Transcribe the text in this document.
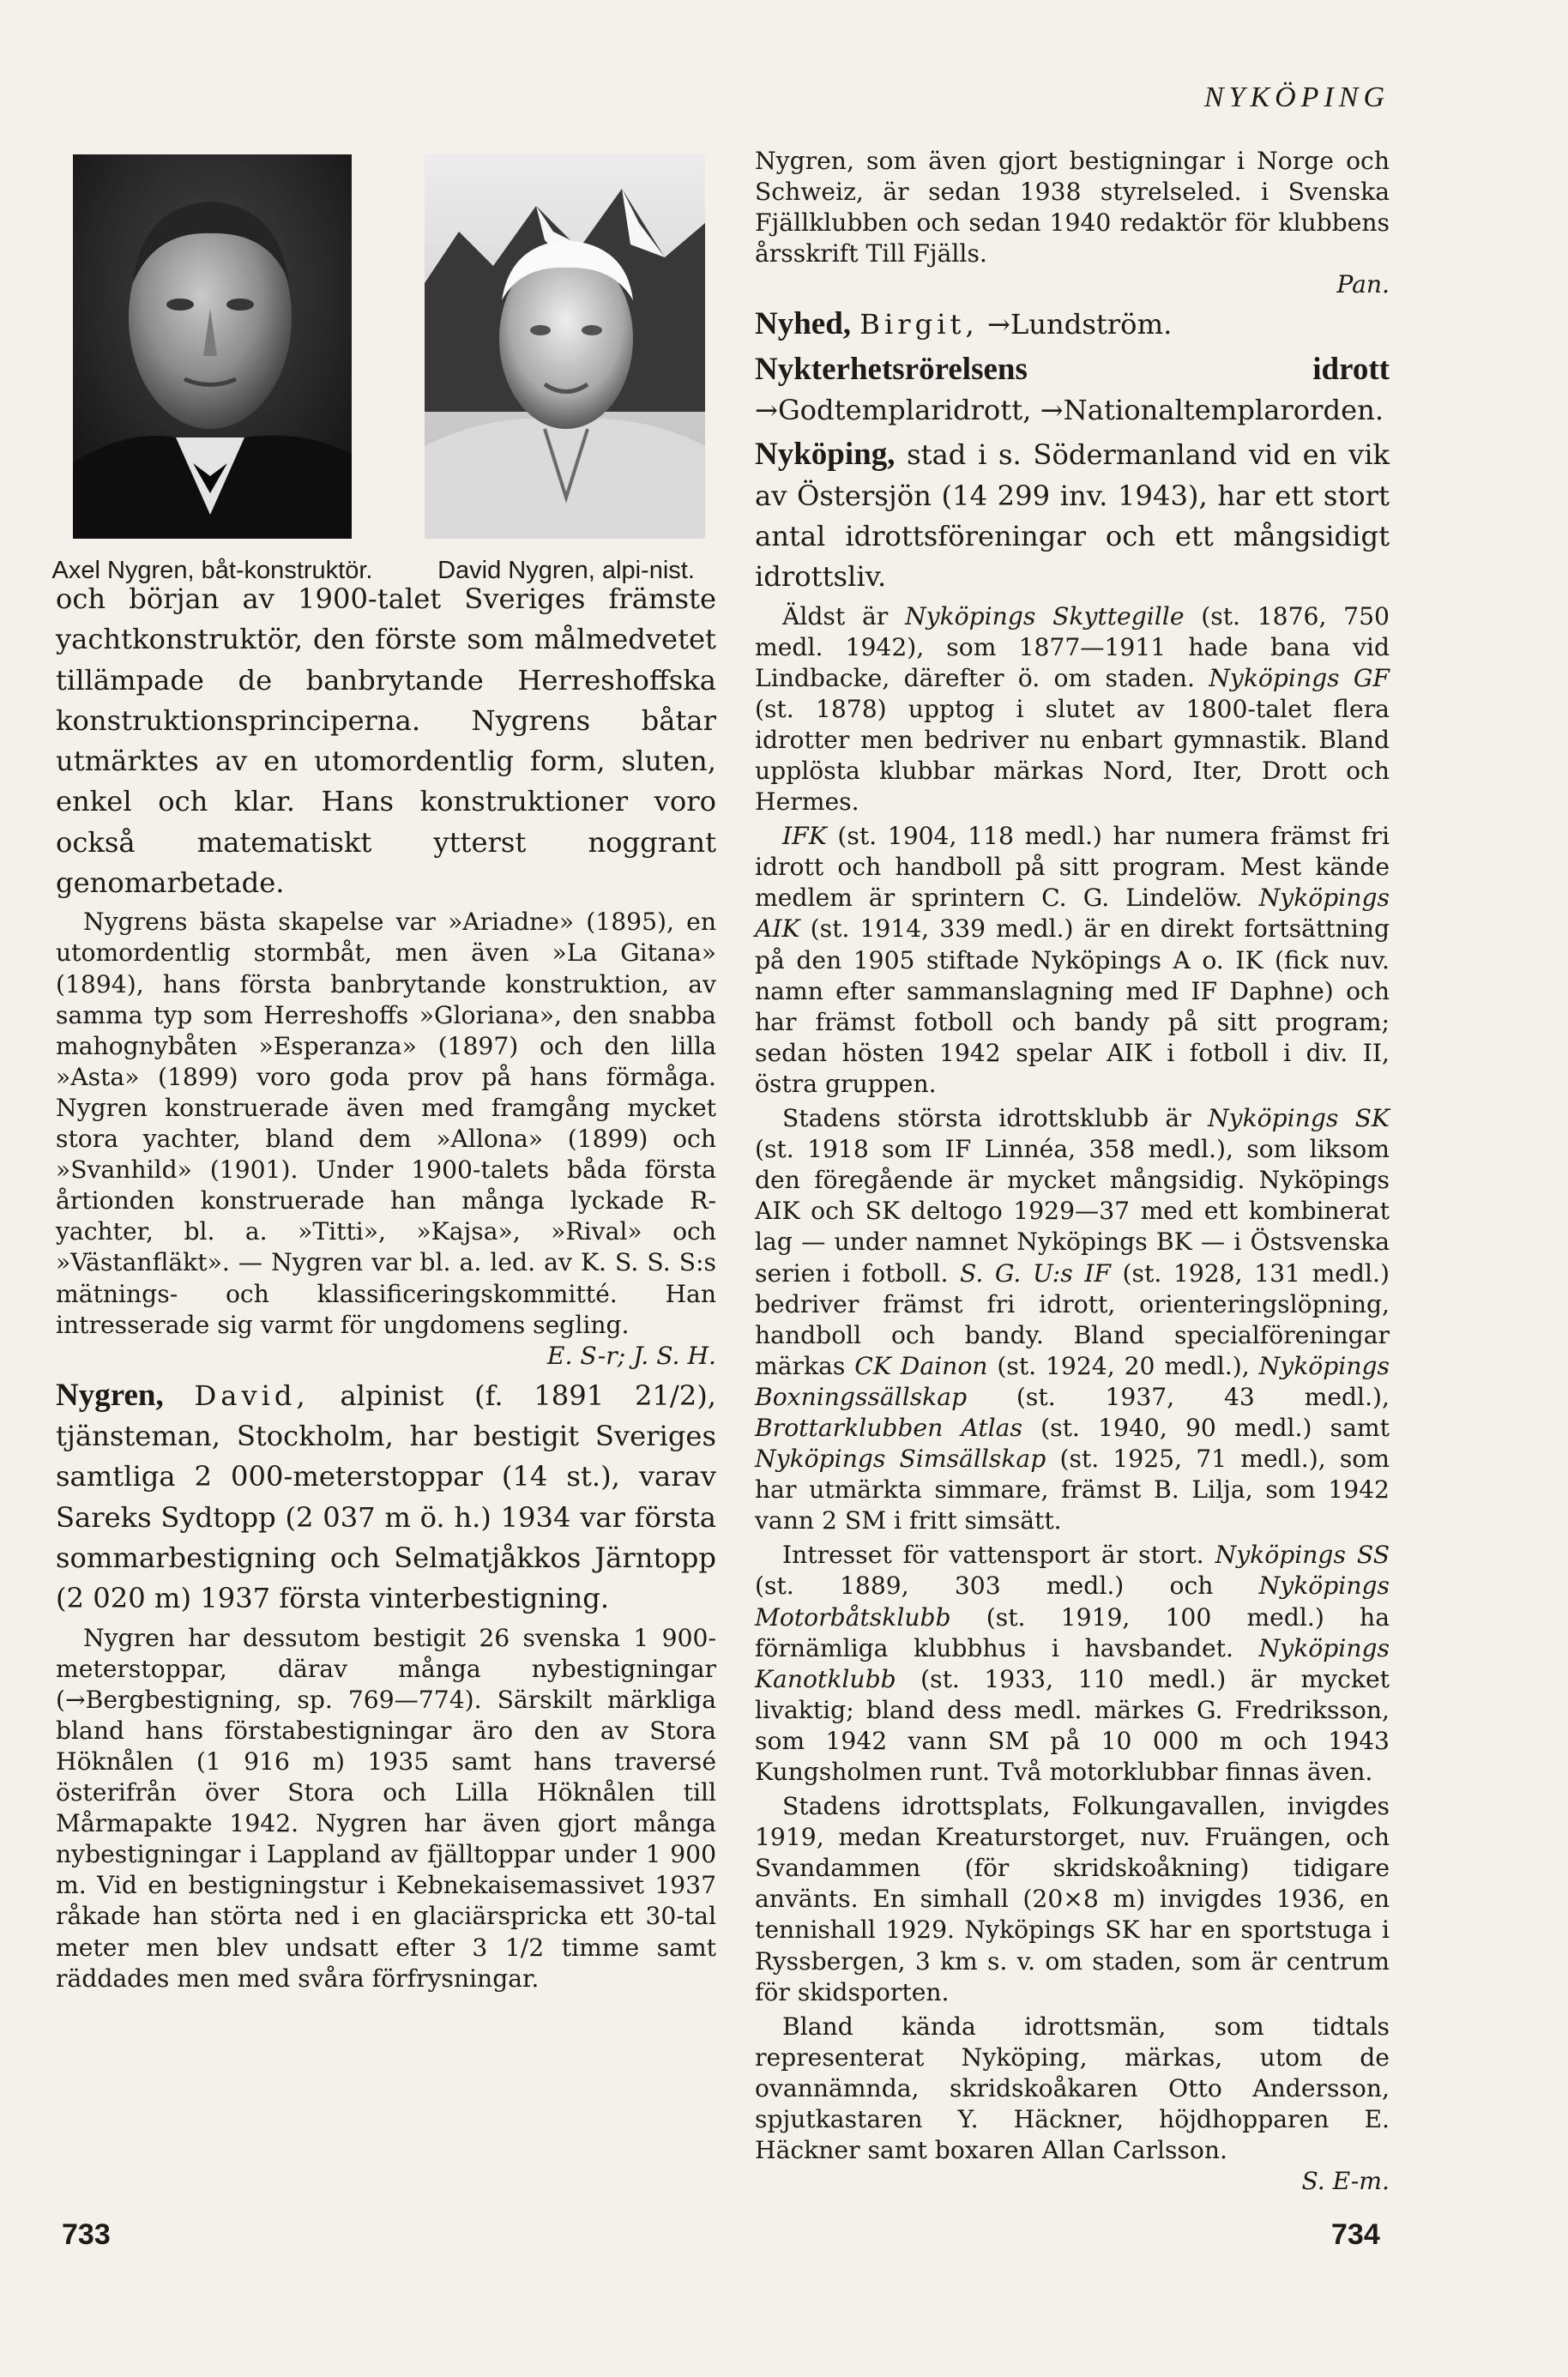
NYKÖPING
Axel Nygren, båt-konstruktör.	David Nygren, alpi-nist.

och början av 1900-talet Sveriges främste yachtkonstruktör, den förste som målmedvetet tillämpade de banbrytande Herreshoffska konstruktionsprinciperna. Nygrens båtar utmärktes av en utomordentlig form, sluten, enkel och klar. Hans konstruktioner voro också matematiskt ytterst noggrant genomarbetade.

Nygrens bästa skapelse var »Ariadne» (1895), en utomordentlig stormbåt, men även »La Gitana» (1894), hans första banbrytande konstruktion, av samma typ som Herreshoffs »Gloriana», den snabba mahognybåten »Esperanza» (1897) och den lilla »Asta» (1899) voro goda prov på hans förmåga. Nygren konstruerade även med framgång mycket stora yachter, bland dem »Allona» (1899) och »Svanhild» (1901). Under 1900-talets båda första årtionden konstruerade han många lyckade R-yachter, bl. a. »Titti», »Kajsa», »Rival» och »Västanfläkt». — Nygren var bl. a. led. av K. S. S. S:s mätnings- och klassificeringskommitté. Han intresserade sig varmt för ungdomens segling.
E. S-r; J. S. H.

Nygren, David, alpinist (f. 1891 21/2), tjänsteman, Stockholm, har bestigit Sveriges samtliga 2 000-meterstoppar (14 st.), varav Sareks Sydtopp (2 037 m ö. h.) 1934 var första sommarbestigning och Selmatjåkkos Järntopp (2 020 m) 1937 första vinterbestigning.

Nygren har dessutom bestigit 26 svenska 1 900-meterstoppar, därav många nybestigningar (→Bergbestigning, sp. 769—774). Särskilt märkliga bland hans förstabestigningar äro den av Stora Höknålen (1 916 m) 1935 samt hans traversé österifrån över Stora och Lilla Höknålen till Mårmapakte 1942. Nygren har även gjort många nybestigningar i Lappland av fjälltoppar under 1 900 m. Vid en bestigningstur i Kebnekaisemassivet 1937 råkade han störta ned i en glaciärspricka ett 30-tal meter men blev undsatt efter 3 1/2 timme samt räddades men med svåra förfrysningar.

Nygren, som även gjort bestigningar i Norge och Schweiz, är sedan 1938 styrelseled. i Svenska Fjällklubben och sedan 1940 redaktör för klubbens årsskrift Till Fjälls.
Pan.

Nyhed, Birgit, →Lundström.

Nykterhetsrörelsens idrott →Godtemplaridrott, →Nationaltemplarorden.

Nyköping, stad i s. Södermanland vid en vik av Östersjön (14 299 inv. 1943), har ett stort antal idrottsföreningar och ett mångsidigt idrottsliv.

Äldst är Nyköpings Skyttegille (st. 1876, 750 medl. 1942), som 1877—1911 hade bana vid Lindbacke, därefter ö. om staden. Nyköpings GF (st. 1878) upptog i slutet av 1800-talet flera idrotter men bedriver nu enbart gymnastik. Bland upplösta klubbar märkas Nord, Iter, Drott och Hermes.

IFK (st. 1904, 118 medl.) har numera främst fri idrott och handboll på sitt program. Mest kände medlem är sprintern C. G. Lindelöw. Nyköpings AIK (st. 1914, 339 medl.) är en direkt fortsättning på den 1905 stiftade Nyköpings A o. IK (fick nuv. namn efter sammanslagning med IF Daphne) och har främst fotboll och bandy på sitt program; sedan hösten 1942 spelar AIK i fotboll i div. II, östra gruppen.

Stadens största idrottsklubb är Nyköpings SK (st. 1918 som IF Linnéa, 358 medl.), som liksom den föregående är mycket mångsidig. Nyköpings AIK och SK deltogo 1929—37 med ett kombinerat lag — under namnet Nyköpings BK — i Östsvenska serien i fotboll. S. G. U:s IF (st. 1928, 131 medl.) bedriver främst fri idrott, orienteringslöpning, handboll och bandy. Bland specialföreningar märkas CK Dainon (st. 1924, 20 medl.), Nyköpings Boxningssällskap (st. 1937, 43 medl.), Brottarklubben Atlas (st. 1940, 90 medl.) samt Nyköpings Simsällskap (st. 1925, 71 medl.), som har utmärkta simmare, främst B. Lilja, som 1942 vann 2 SM i fritt simsätt.

Intresset för vattensport är stort. Nyköpings SS (st. 1889, 303 medl.) och Nyköpings Motorbåtsklubb (st. 1919, 100 medl.) ha förnämliga klubbhus i havsbandet. Nyköpings Kanotklubb (st. 1933, 110 medl.) är mycket livaktig; bland dess medl. märkes G. Fredriksson, som 1942 vann SM på 10 000 m och 1943 Kungsholmen runt. Två motorklubbar finnas även.

Stadens idrottsplats, Folkungavallen, invigdes 1919, medan Kreaturstorget, nuv. Fruängen, och Svandammen (för skridskoåkning) tidigare använts. En simhall (20×8 m) invigdes 1936, en tennishall 1929. Nyköpings SK har en sportstuga i Ryssbergen, 3 km s. v. om staden, som är centrum för skidsporten.

Bland kända idrottsmän, som tidtals representerat Nyköping, märkas, utom de ovannämnda, skridskoåkaren Otto Andersson, spjutkastaren Y. Häckner, höjdhopparen E. Häckner samt boxaren Allan Carlsson.
S. E-m.

733	734
